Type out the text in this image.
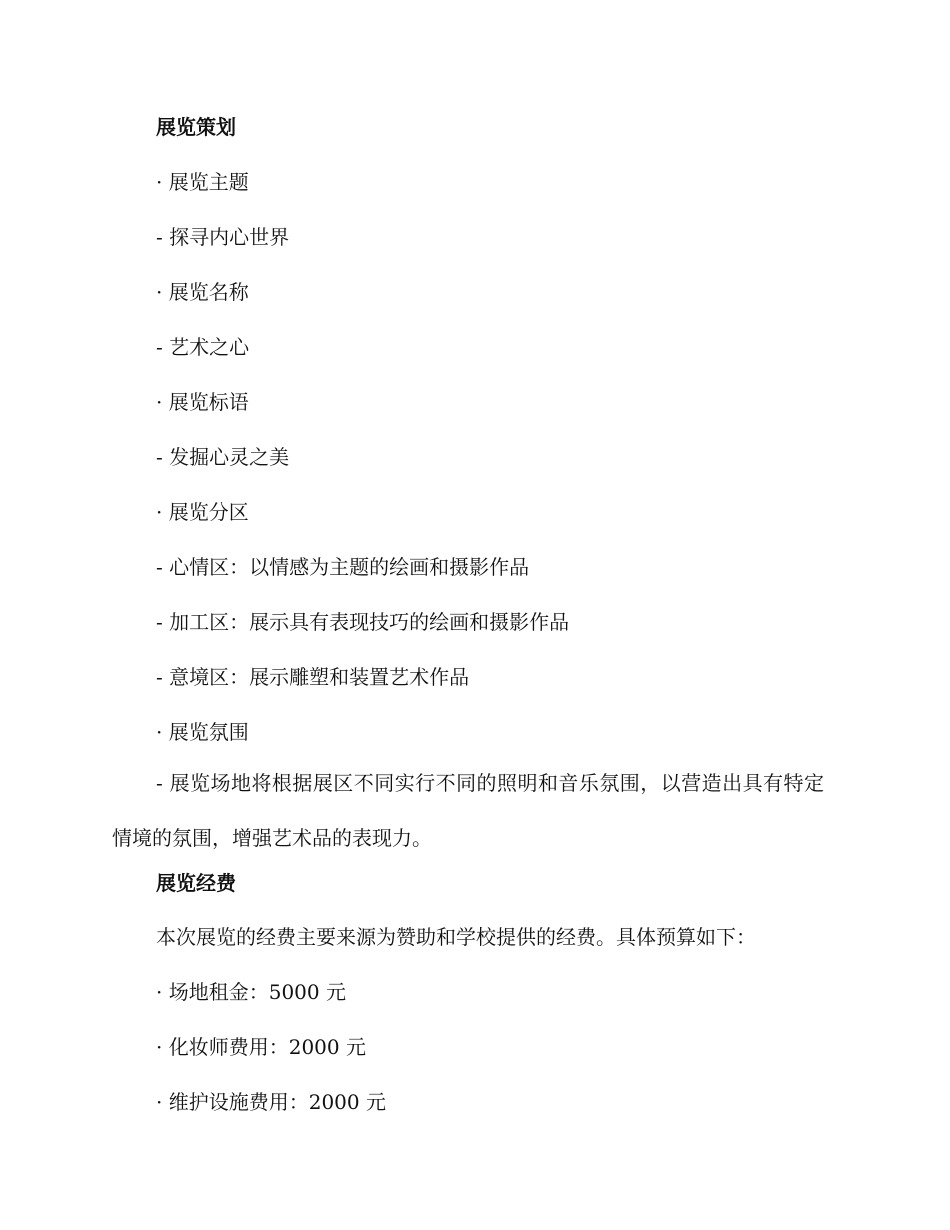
展览策划
· 展览主题
- 探寻内心世界
· 展览名称
- 艺术之心
· 展览标语
- 发掘心灵之美
· 展览分区
- 心情区：以情感为主题的绘画和摄影作品
- 加工区：展示具有表现技巧的绘画和摄影作品
- 意境区：展示雕塑和装置艺术作品
· 展览氛围
- 展览场地将根据展区不同实行不同的照明和音乐氛围，以营造出具有特定情境的氛围，增强艺术品的表现力。
展览经费
本次展览的经费主要来源为赞助和学校提供的经费。具体预算如下：
· 场地租金：5000 元
· 化妆师费用：2000 元
· 维护设施费用：2000 元
